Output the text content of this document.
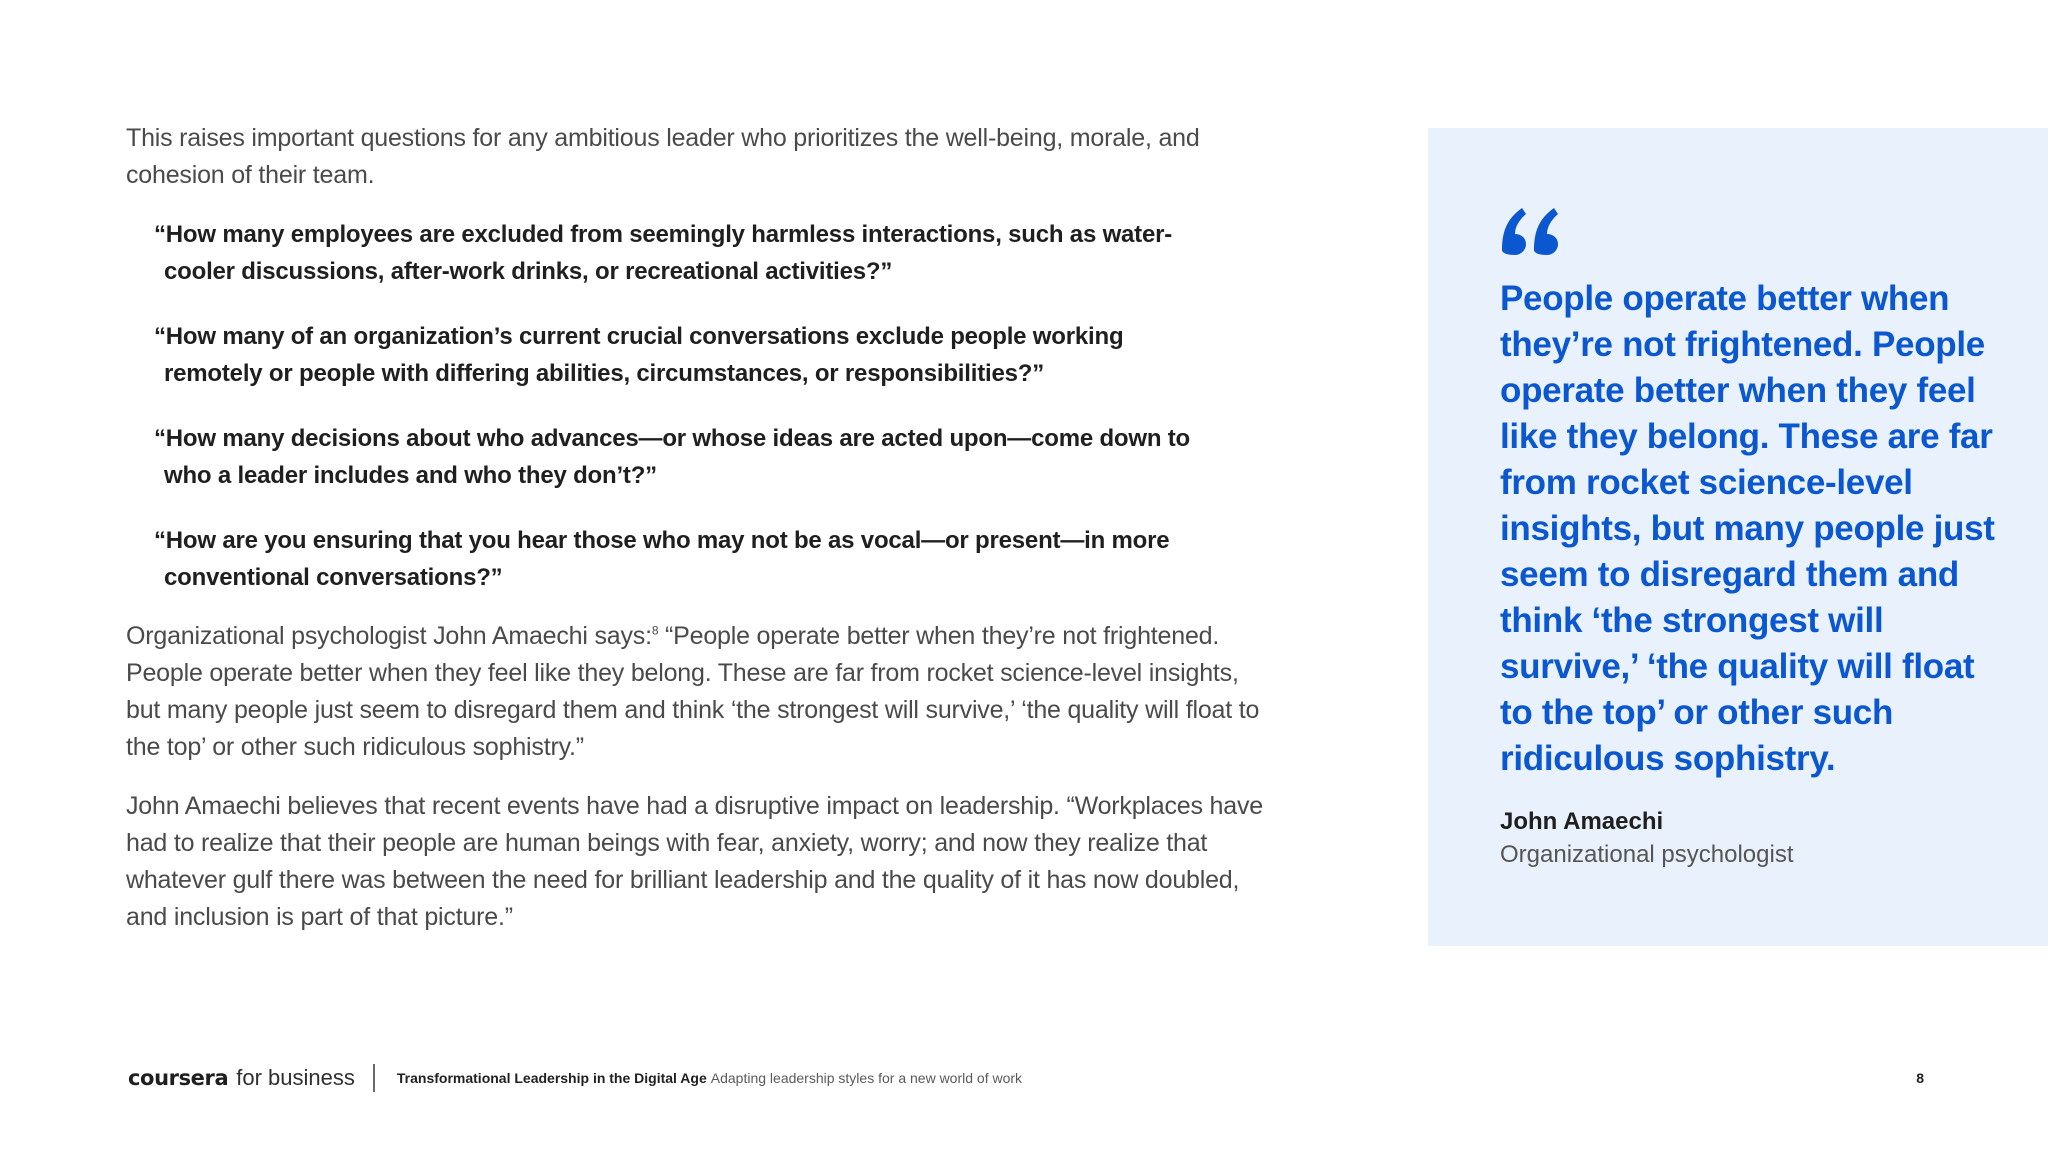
This raises important questions for any ambitious leader who prioritizes the well-being, morale, and cohesion of their team.

“How many employees are excluded from seemingly harmless interactions, such as water-cooler discussions, after-work drinks, or recreational activities?”
“How many of an organization’s current crucial conversations exclude people working remotely or people with differing abilities, circumstances, or responsibilities?”
“How many decisions about who advances—or whose ideas are acted upon—come down to who a leader includes and who they don’t?”
“How are you ensuring that you hear those who may not be as vocal—or present—in more conventional conversations?”

Organizational psychologist John Amaechi says:$^8$ “People operate better when they’re not frightened. People operate better when they feel like they belong. These are far from rocket science-level insights, but many people just seem to disregard them and think ‘the strongest will survive,’ ‘the quality will float to the top’ or other such ridiculous sophistry.”

John Amaechi believes that recent events have had a disruptive impact on leadership. “Workplaces have had to realize that their people are human beings with fear, anxiety, worry; and now they realize that whatever gulf there was between the need for brilliant leadership and the quality of it has now doubled, and inclusion is part of that picture.”

People operate better when they’re not frightened. People operate better when they feel like they belong. These are far from rocket science-level insights, but many people just seem to disregard them and think ‘the strongest will survive,’ ‘the quality will float to the top’ or other such ridiculous sophistry.

John Amaechi

Organizational psychologist

coursera for business	Transformational Leadership in the Digital Age Adapting leadership styles for a new world of work	8
